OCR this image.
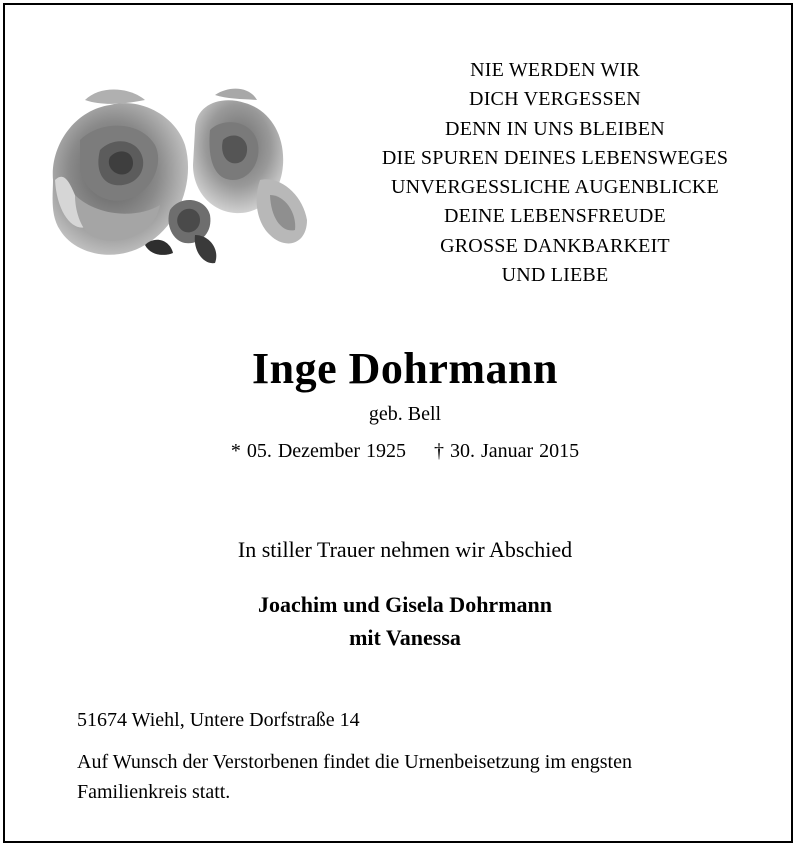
NIE WERDEN WIR
DICH VERGESSEN
DENN IN UNS BLEIBEN
DIE SPUREN DEINES LEBENSWEGES
UNVERGESSLICHE AUGENBLICKE
DEINE LEBENSFREUDE
GROSSE DANKBARKEIT
UND LIEBE
Inge Dohrmann
geb. Bell
* 05. Dezember 1925 † 30. Januar 2015
In stiller Trauer nehmen wir Abschied
Joachim und Gisela Dohrmann
mit Vanessa
51674 Wiehl, Untere Dorfstraße 14
Auf Wunsch der Verstorbenen findet die Urnenbeisetzung im engsten Familienkreis statt.
